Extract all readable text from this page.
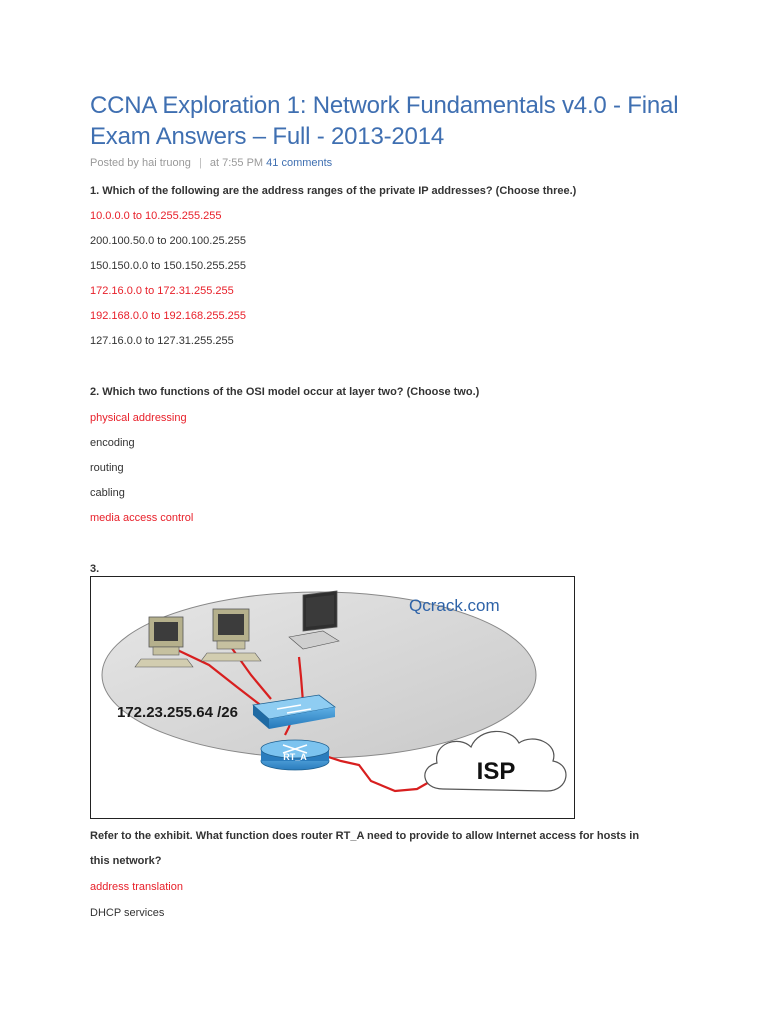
CCNA Exploration 1: Network Fundamentals v4.0 - Final Exam Answers – Full - 2013-2014
Posted by hai truong | at 7:55 PM 41 comments
1. Which of the following are the address ranges of the private IP addresses? (Choose three.)
10.0.0.0 to 10.255.255.255
200.100.50.0 to 200.100.25.255
150.150.0.0 to 150.150.255.255
172.16.0.0 to 172.31.255.255
192.168.0.0 to 192.168.255.255
127.16.0.0 to 127.31.255.255
2. Which two functions of the OSI model occur at layer two? (Choose two.)
physical addressing
encoding
routing
cabling
media access control
3.
172.23.255.64 /26
RT_A
ISP
Qcrack.com
Refer to the exhibit. What function does router RT_A need to provide to allow Internet access for hosts in
this network?
address translation
DHCP services
